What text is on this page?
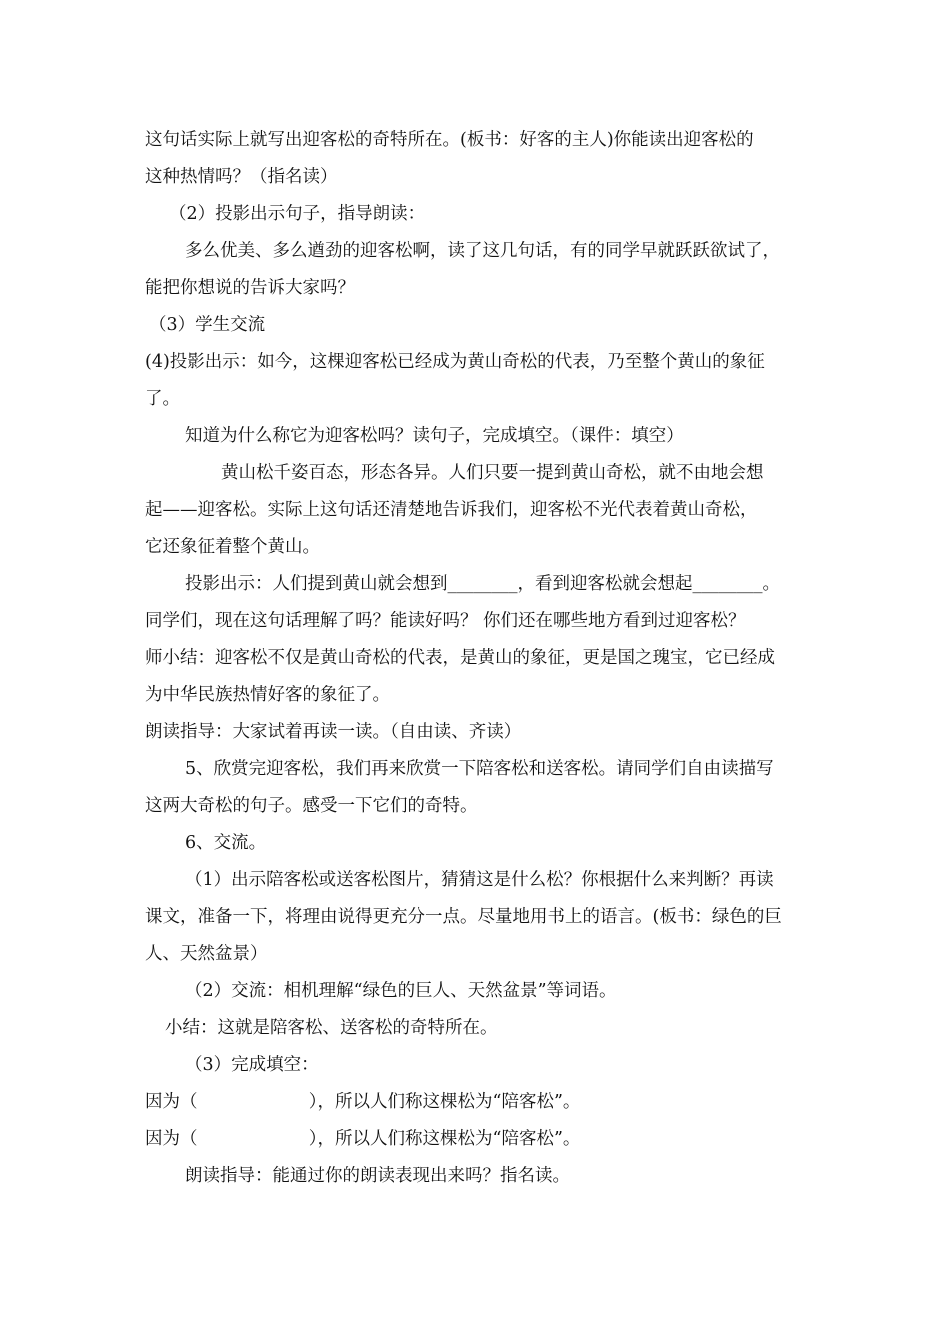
这句话实际上就写出迎客松的奇特所在。(板书：好客的主人)你能读出迎客松的
这种热情吗？（指名读）
（2）投影出示句子，指导朗读：
多么优美、多么遒劲的迎客松啊，读了这几句话，有的同学早就跃跃欲试了，
能把你想说的告诉大家吗？
（3）学生交流
(4)投影出示：如今，这棵迎客松已经成为黄山奇松的代表，乃至整个黄山的象征
了。
知道为什么称它为迎客松吗？读句子，完成填空。（课件：填空）
黄山松千姿百态，形态各异。人们只要一提到黄山奇松，就不由地会想
起——迎客松。实际上这句话还清楚地告诉我们，迎客松不光代表着黄山奇松，
它还象征着整个黄山。
投影出示：人们提到黄山就会想到________，看到迎客松就会想起________。
同学们，现在这句话理解了吗？能读好吗？ 你们还在哪些地方看到过迎客松？
师小结：迎客松不仅是黄山奇松的代表，是黄山的象征，更是国之瑰宝，它已经成
为中华民族热情好客的象征了。
朗读指导：大家试着再读一读。（自由读、齐读）
5、欣赏完迎客松，我们再来欣赏一下陪客松和送客松。请同学们自由读描写
这两大奇松的句子。感受一下它们的奇特。
6、交流。
（1）出示陪客松或送客松图片，猜猜这是什么松？你根据什么来判断？再读
课文，准备一下，将理由说得更充分一点。尽量地用书上的语言。(板书：绿色的巨
人、天然盆景）
（2）交流：相机理解“绿色的巨人、天然盆景”等词语。
小结：这就是陪客松、送客松的奇特所在。
（3）完成填空：
因为（                    ），所以人们称这棵松为“陪客松”。
因为（                    ），所以人们称这棵松为“陪客松”。
朗读指导：能通过你的朗读表现出来吗？指名读。
